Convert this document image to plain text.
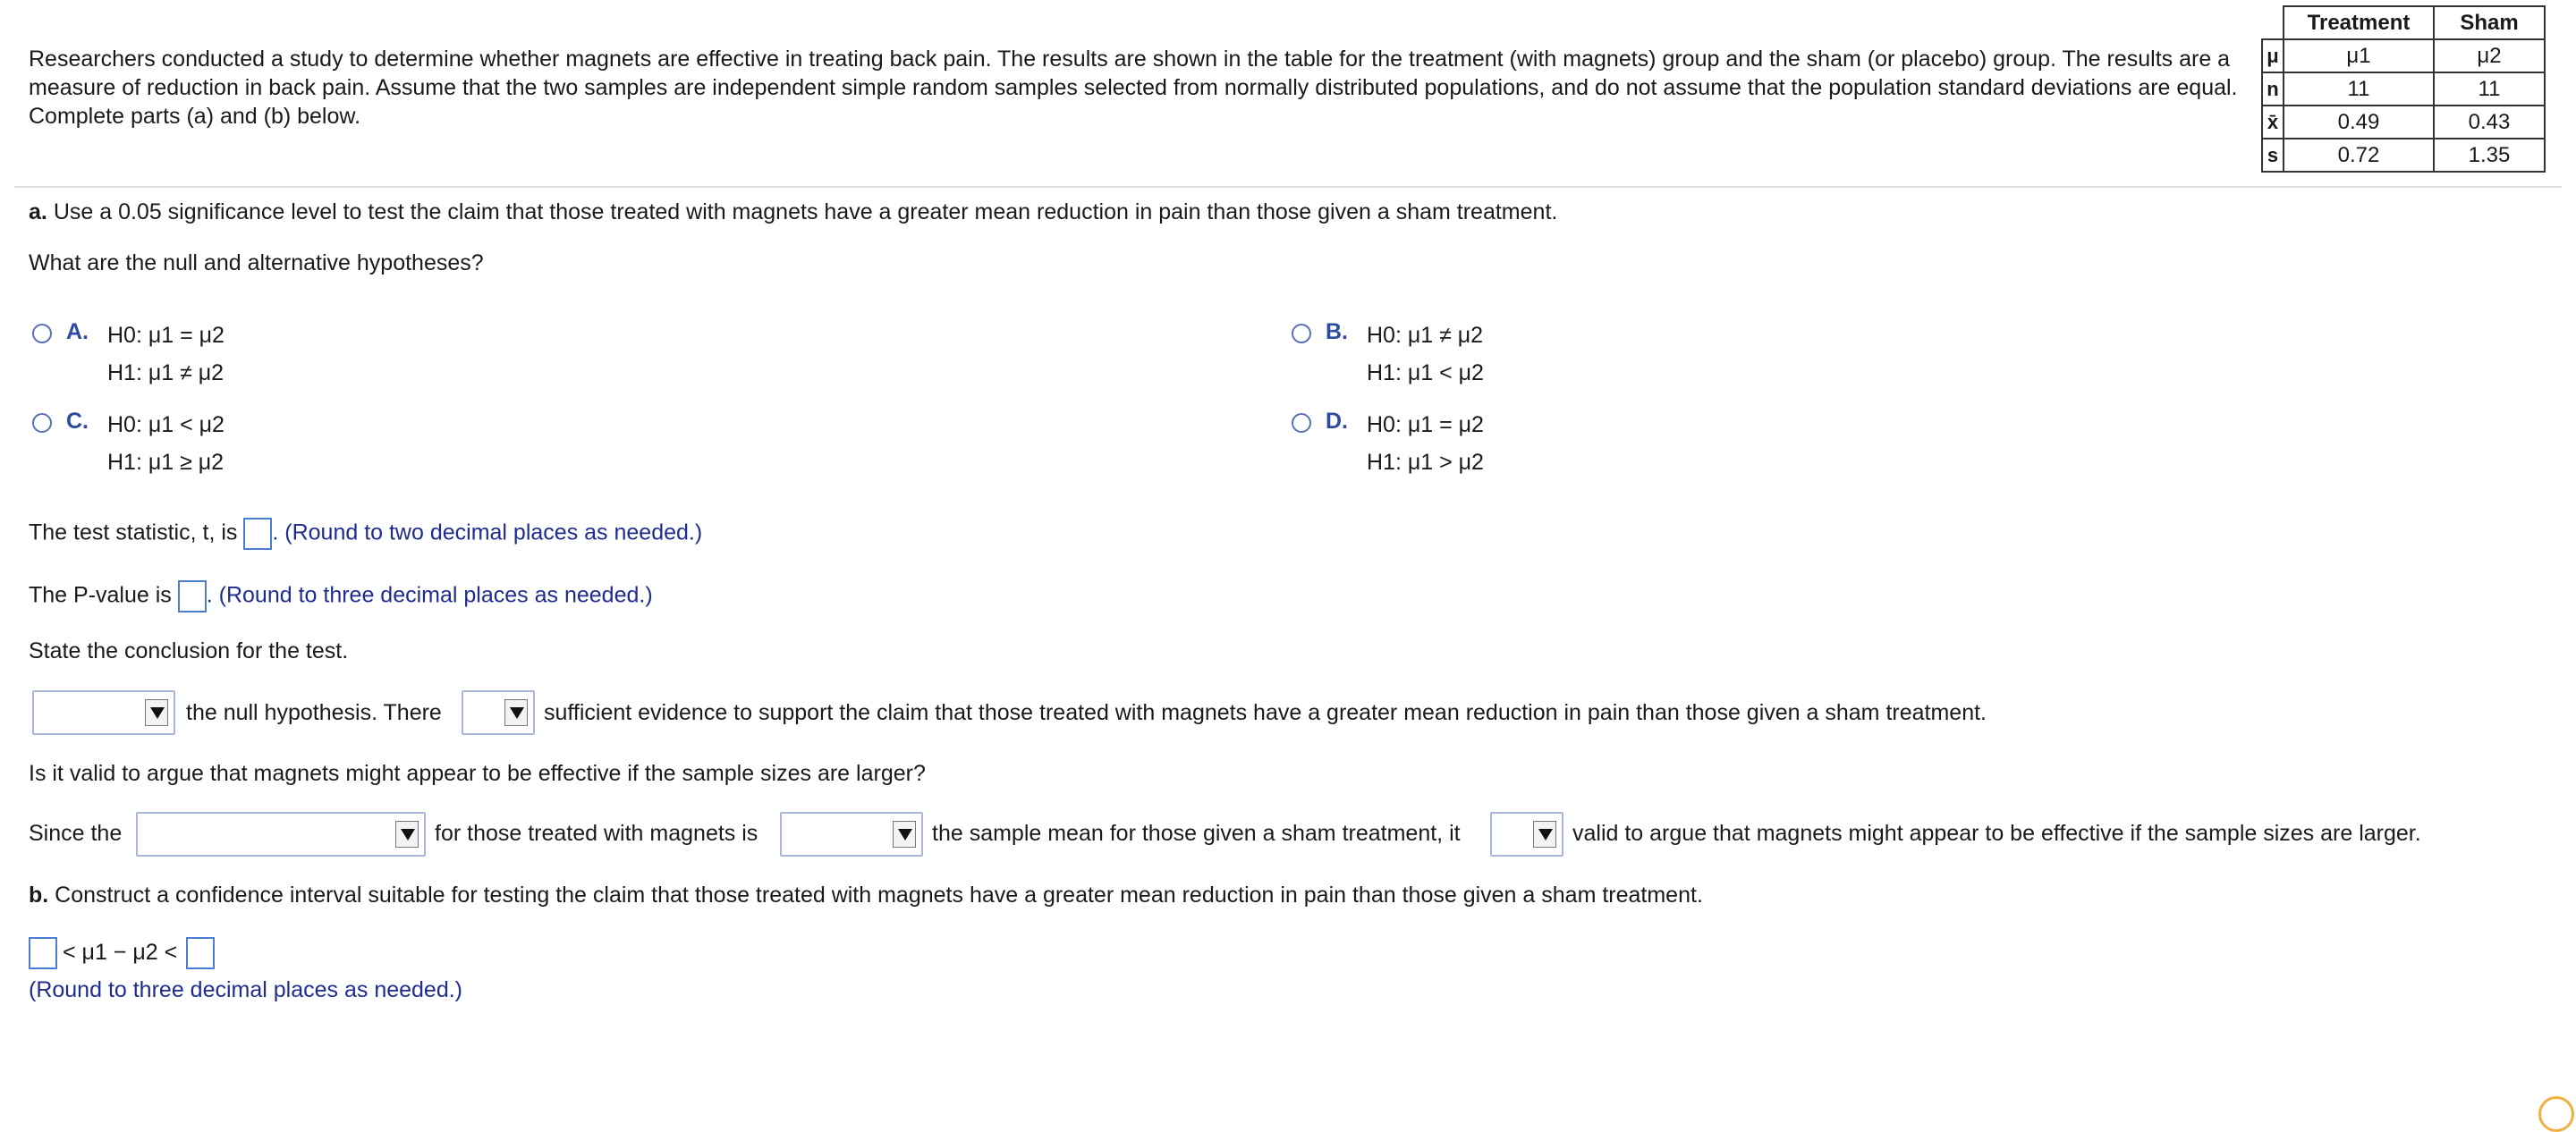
Researchers conducted a study to determine whether magnets are effective in treating back pain. The results are shown in the table for the treatment (with magnets) group and the sham (or placebo) group. The results are a measure of reduction in back pain. Assume that the two samples are independent simple random samples selected from normally distributed populations, and do not assume that the population standard deviations are equal. Complete parts (a) and (b) below.
	Treatment	Sham
μ	μ1	μ2
n	11	11
x̄	0.49	0.43
s	0.72	1.35
a. Use a 0.05 significance level to test the claim that those treated with magnets have a greater mean reduction in pain than those given a sham treatment.
What are the null and alternative hypotheses?
A. H0: μ1 = μ2
H1: μ1 ≠ μ2
B. H0: μ1 ≠ μ2
H1: μ1 < μ2
C. H0: μ1 < μ2
H1: μ1 ≥ μ2
D. H0: μ1 = μ2
H1: μ1 > μ2
The test statistic, t, is . (Round to two decimal places as needed.)
The P-value is . (Round to three decimal places as needed.)
State the conclusion for the test.
the null hypothesis. There	sufficient evidence to support the claim that those treated with magnets have a greater mean reduction in pain than those given a sham treatment.
Is it valid to argue that magnets might appear to be effective if the sample sizes are larger?
Since the	for those treated with magnets is	the sample mean for those given a sham treatment, it	valid to argue that magnets might appear to be effective if the sample sizes are larger.
b. Construct a confidence interval suitable for testing the claim that those treated with magnets have a greater mean reduction in pain than those given a sham treatment.
< μ1 − μ2 <
(Round to three decimal places as needed.)
